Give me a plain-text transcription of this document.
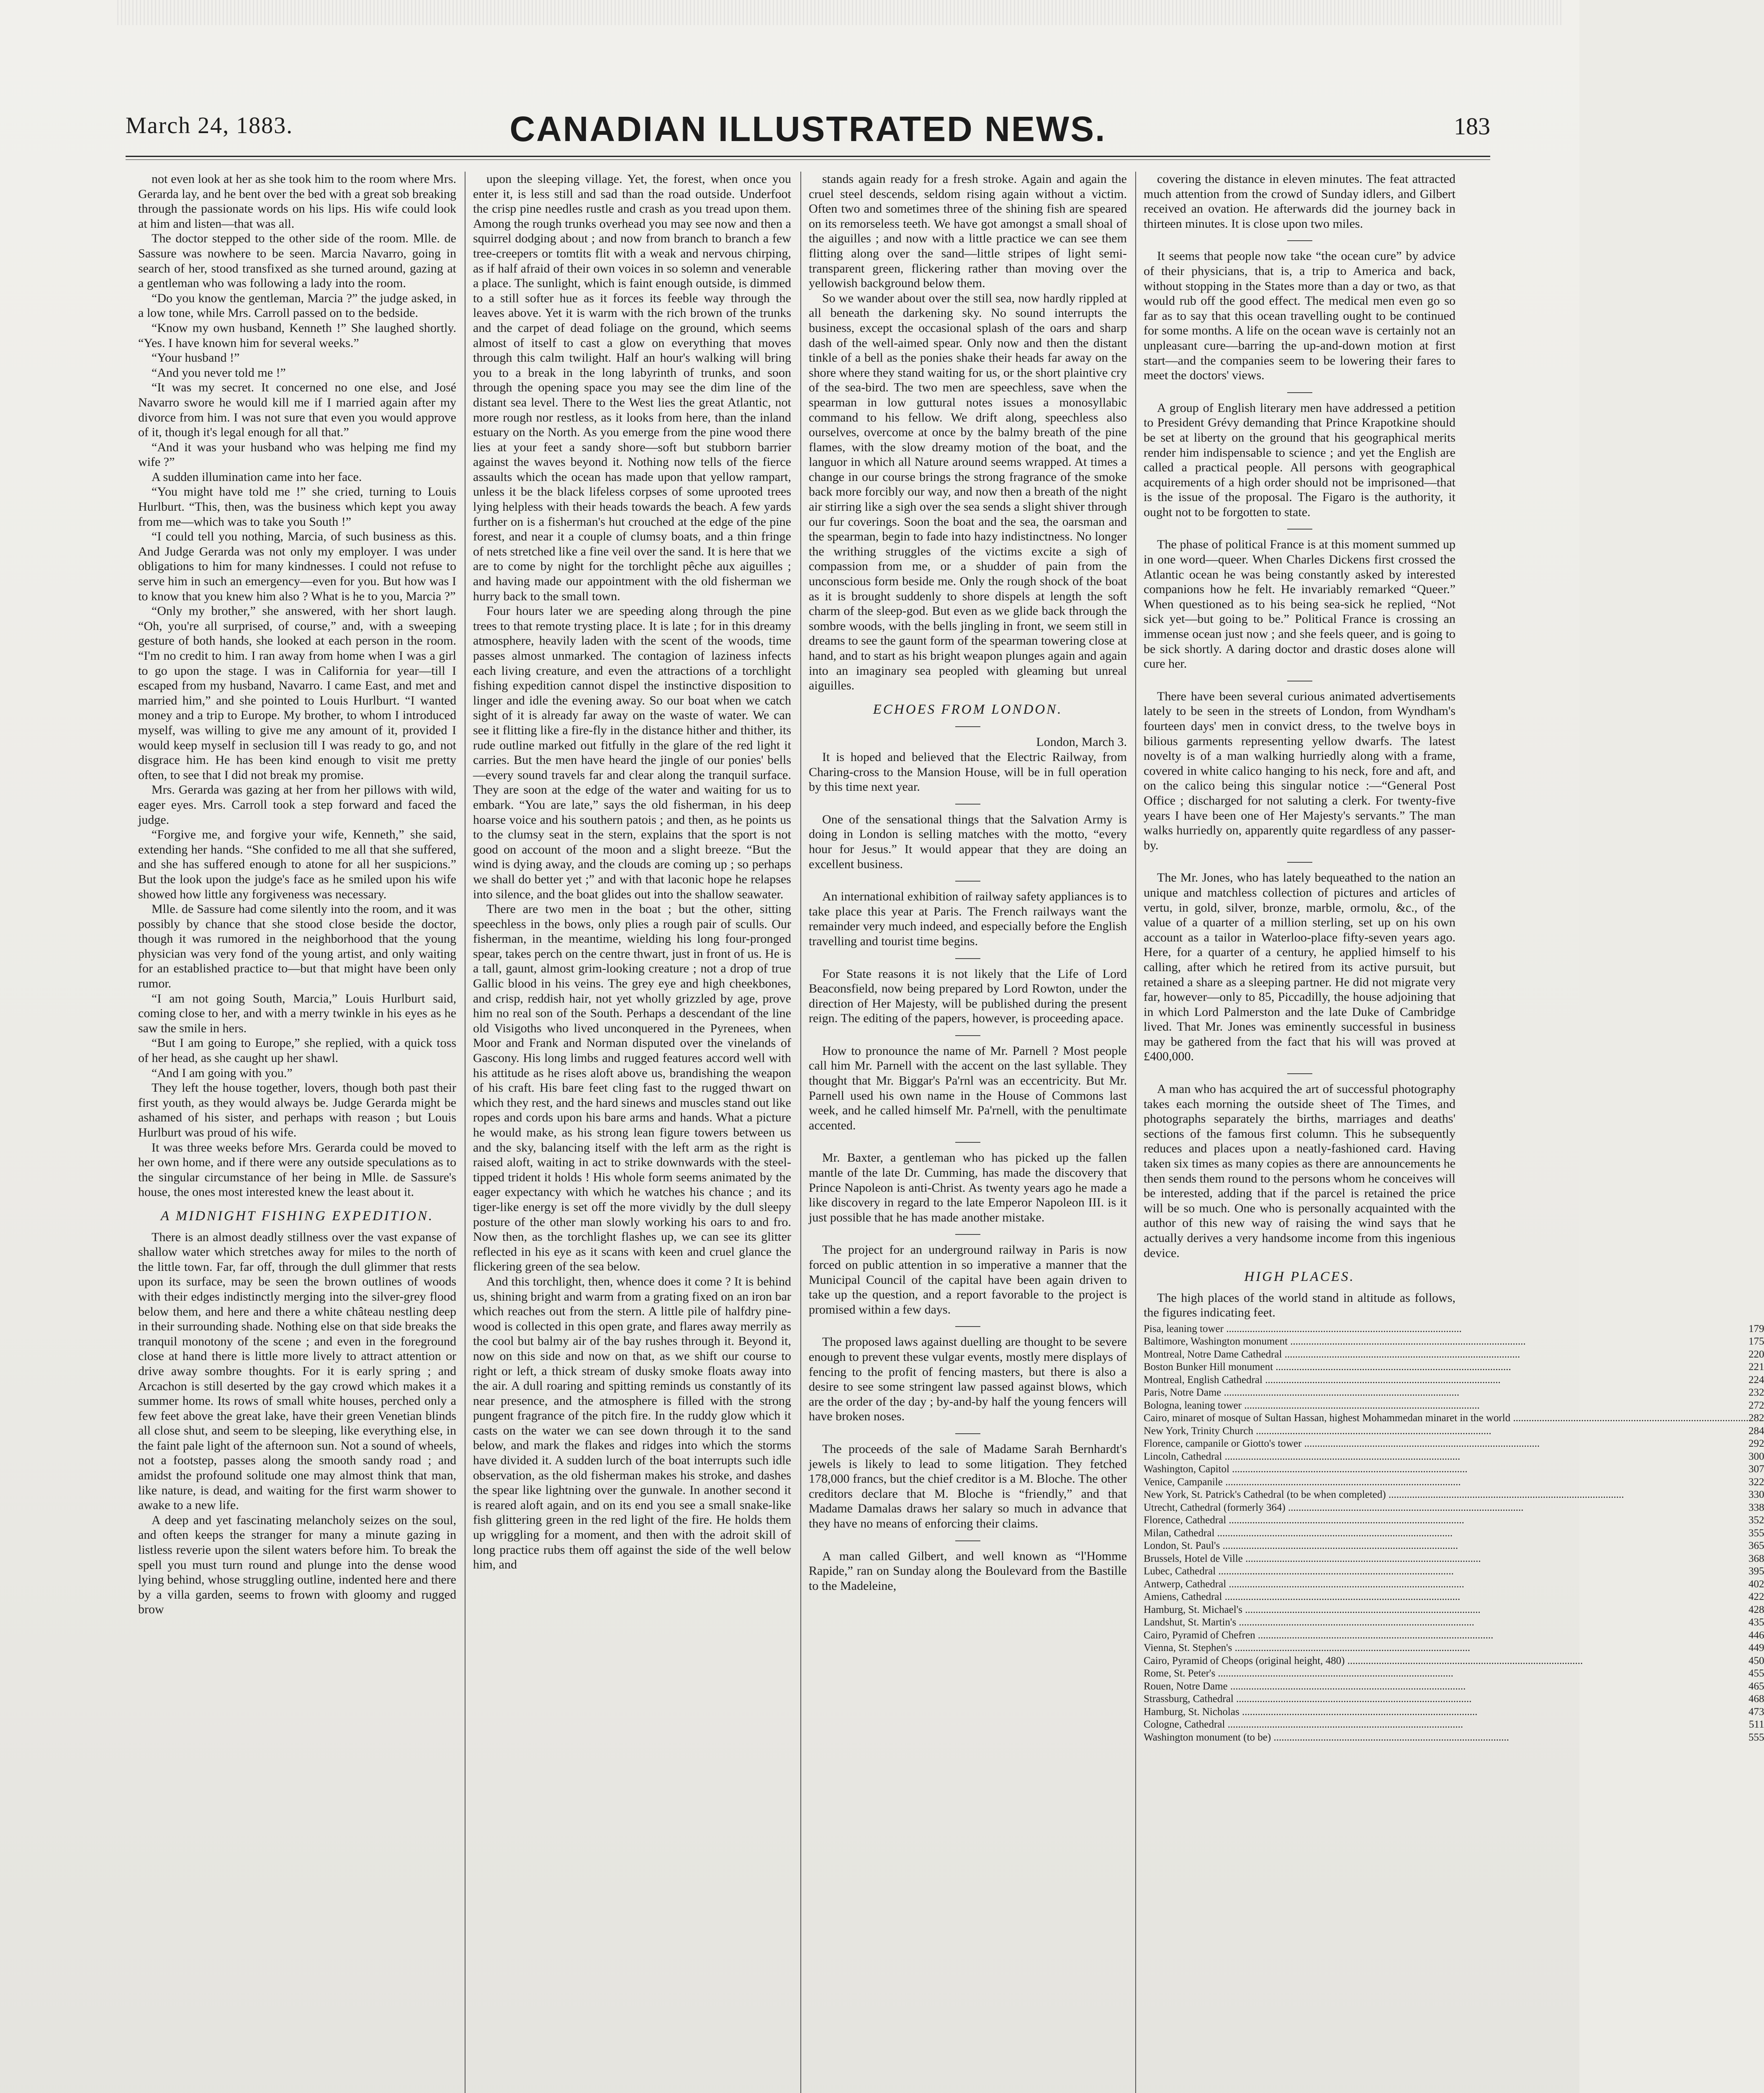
March 24, 1883.	CANADIAN ILLUSTRATED NEWS.	183

not even look at her as she took him to the room where Mrs. Gerarda lay, and he bent over the bed with a great sob breaking through the passionate words on his lips. His wife could look at him and listen—that was all.

The doctor stepped to the other side of the room. Mlle. de Sassure was nowhere to be seen. Marcia Navarro, going in search of her, stood transfixed as she turned around, gazing at a gentleman who was following a lady into the room.

“Do you know the gentleman, Marcia ?” the judge asked, in a low tone, while Mrs. Carroll passed on to the bedside.

“Know my own husband, Kenneth !” She laughed shortly. “Yes. I have known him for several weeks.”

“Your husband !”

“And you never told me !”

“It was my secret. It concerned no one else, and José Navarro swore he would kill me if I married again after my divorce from him. I was not sure that even you would approve of it, though it's legal enough for all that.”

“And it was your husband who was helping me find my wife ?”

A sudden illumination came into her face.

“You might have told me !” she cried, turning to Louis Hurlburt. “This, then, was the business which kept you away from me—which was to take you South !”

“I could tell you nothing, Marcia, of such business as this. And Judge Gerarda was not only my employer. I was under obligations to him for many kindnesses. I could not refuse to serve him in such an emergency—even for you. But how was I to know that you knew him also ? What is he to you, Marcia ?”

“Only my brother,” she answered, with her short laugh. “Oh, you're all surprised, of course,” and, with a sweeping gesture of both hands, she looked at each person in the room. “I'm no credit to him. I ran away from home when I was a girl to go upon the stage. I was in California for year—till I escaped from my husband, Navarro. I came East, and met and married him,” and she pointed to Louis Hurlburt. “I wanted money and a trip to Europe. My brother, to whom I introduced myself, was willing to give me any amount of it, provided I would keep myself in seclusion till I was ready to go, and not disgrace him. He has been kind enough to visit me pretty often, to see that I did not break my promise.

Mrs. Gerarda was gazing at her from her pillows with wild, eager eyes. Mrs. Carroll took a step forward and faced the judge.

“Forgive me, and forgive your wife, Kenneth,” she said, extending her hands. “She confided to me all that she suffered, and she has suffered enough to atone for all her suspicions.” But the look upon the judge's face as he smiled upon his wife showed how little any forgiveness was necessary.

Mlle. de Sassure had come silently into the room, and it was possibly by chance that she stood close beside the doctor, though it was rumored in the neighborhood that the young physician was very fond of the young artist, and only waiting for an established practice to—but that might have been only rumor.

“I am not going South, Marcia,” Louis Hurlburt said, coming close to her, and with a merry twinkle in his eyes as he saw the smile in hers.

“But I am going to Europe,” she replied, with a quick toss of her head, as she caught up her shawl.

“And I am going with you.”

They left the house together, lovers, though both past their first youth, as they would always be. Judge Gerarda might be ashamed of his sister, and perhaps with reason ; but Louis Hurlburt was proud of his wife.

It was three weeks before Mrs. Gerarda could be moved to her own home, and if there were any outside speculations as to the singular circumstance of her being in Mlle. de Sassure's house, the ones most interested knew the least about it.

A MIDNIGHT FISHING EXPEDITION.

There is an almost deadly stillness over the vast expanse of shallow water which stretches away for miles to the north of the little town. Far, far off, through the dull glimmer that rests upon its surface, may be seen the brown outlines of woods with their edges indistinctly merging into the silver-grey flood below them, and here and there a white château nestling deep in their surrounding shade. Nothing else on that side breaks the tranquil monotony of the scene ; and even in the foreground close at hand there is little more lively to attract attention or drive away sombre thoughts. For it is early spring ; and Arcachon is still deserted by the gay crowd which makes it a summer home. Its rows of small white houses, perched only a few feet above the great lake, have their green Venetian blinds all close shut, and seem to be sleeping, like everything else, in the faint pale light of the afternoon sun. Not a sound of wheels, not a footstep, passes along the smooth sandy road ; and amidst the profound solitude one may almost think that man, like nature, is dead, and waiting for the first warm shower to awake to a new life.

A deep and yet fascinating melancholy seizes on the soul, and often keeps the stranger for many a minute gazing in listless reverie upon the silent waters before him. To break the spell you must turn round and plunge into the dense wood lying behind, whose struggling outline, indented here and there by a villa garden, seems to frown with gloomy and rugged brow

upon the sleeping village. Yet, the forest, when once you enter it, is less still and sad than the road outside. Underfoot the crisp pine needles rustle and crash as you tread upon them. Among the rough trunks overhead you may see now and then a squirrel dodging about ; and now from branch to branch a few tree-creepers or tomtits flit with a weak and nervous chirping, as if half afraid of their own voices in so solemn and venerable a place. The sunlight, which is faint enough outside, is dimmed to a still softer hue as it forces its feeble way through the leaves above. Yet it is warm with the rich brown of the trunks and the carpet of dead foliage on the ground, which seems almost of itself to cast a glow on everything that moves through this calm twilight. Half an hour's walking will bring you to a break in the long labyrinth of trunks, and soon through the opening space you may see the dim line of the distant sea level. There to the West lies the great Atlantic, not more rough nor restless, as it looks from here, than the inland estuary on the North. As you emerge from the pine wood there lies at your feet a sandy shore—soft but stubborn barrier against the waves beyond it. Nothing now tells of the fierce assaults which the ocean has made upon that yellow rampart, unless it be the black lifeless corpses of some uprooted trees lying helpless with their heads towards the beach. A few yards further on is a fisherman's hut crouched at the edge of the pine forest, and near it a couple of clumsy boats, and a thin fringe of nets stretched like a fine veil over the sand. It is here that we are to come by night for the torchlight pêche aux aiguilles ; and having made our appointment with the old fisherman we hurry back to the small town.

Four hours later we are speeding along through the pine trees to that remote trysting place. It is late ; for in this dreamy atmosphere, heavily laden with the scent of the woods, time passes almost unmarked. The contagion of laziness infects each living creature, and even the attractions of a torchlight fishing expedition cannot dispel the instinctive disposition to linger and idle the evening away. So our boat when we catch sight of it is already far away on the waste of water. We can see it flitting like a fire-fly in the distance hither and thither, its rude outline marked out fitfully in the glare of the red light it carries. But the men have heard the jingle of our ponies' bells—every sound travels far and clear along the tranquil surface. They are soon at the edge of the water and waiting for us to embark. “You are late,” says the old fisherman, in his deep hoarse voice and his southern patois ; and then, as he points us to the clumsy seat in the stern, explains that the sport is not good on account of the moon and a slight breeze. “But the wind is dying away, and the clouds are coming up ; so perhaps we shall do better yet ;” and with that laconic hope he relapses into silence, and the boat glides out into the shallow seawater.

There are two men in the boat ; but the other, sitting speechless in the bows, only plies a rough pair of sculls. Our fisherman, in the meantime, wielding his long four-pronged spear, takes perch on the centre thwart, just in front of us. He is a tall, gaunt, almost grim-looking creature ; not a drop of true Gallic blood in his veins. The grey eye and high cheekbones, and crisp, reddish hair, not yet wholly grizzled by age, prove him no real son of the South. Perhaps a descendant of the line old Visigoths who lived unconquered in the Pyrenees, when Moor and Frank and Norman disputed over the vinelands of Gascony. His long limbs and rugged features accord well with his attitude as he rises aloft above us, brandishing the weapon of his craft. His bare feet cling fast to the rugged thwart on which they rest, and the hard sinews and muscles stand out like ropes and cords upon his bare arms and hands. What a picture he would make, as his strong lean figure towers between us and the sky, balancing itself with the left arm as the right is raised aloft, waiting in act to strike downwards with the steel-tipped trident it holds ! His whole form seems animated by the eager expectancy with which he watches his chance ; and its tiger-like energy is set off the more vividly by the dull sleepy posture of the other man slowly working his oars to and fro. Now then, as the torchlight flashes up, we can see its glitter reflected in his eye as it scans with keen and cruel glance the flickering green of the sea below.

And this torchlight, then, whence does it come ? It is behind us, shining bright and warm from a grating fixed on an iron bar which reaches out from the stern. A little pile of halfdry pine-wood is collected in this open grate, and flares away merrily as the cool but balmy air of the bay rushes through it. Beyond it, now on this side and now on that, as we shift our course to right or left, a thick stream of dusky smoke floats away into the air. A dull roaring and spitting reminds us constantly of its near presence, and the atmosphere is filled with the strong pungent fragrance of the pitch fire. In the ruddy glow which it casts on the water we can see down through it to the sand below, and mark the flakes and ridges into which the storms have divided it. A sudden lurch of the boat interrupts such idle observation, as the old fisherman makes his stroke, and dashes the spear like lightning over the gunwale. In another second it is reared aloft again, and on its end you see a small snake-like fish glittering green in the red light of the fire. He holds them up wriggling for a moment, and then with the adroit skill of long practice rubs them off against the side of the well below him, and

stands again ready for a fresh stroke. Again and again the cruel steel descends, seldom rising again without a victim. Often two and sometimes three of the shining fish are speared on its remorseless teeth. We have got amongst a small shoal of the aiguilles ; and now with a little practice we can see them flitting along over the sand—little stripes of light semi-transparent green, flickering rather than moving over the yellowish background below them.

So we wander about over the still sea, now hardly rippled at all beneath the darkening sky. No sound interrupts the business, except the occasional splash of the oars and sharp dash of the well-aimed spear. Only now and then the distant tinkle of a bell as the ponies shake their heads far away on the shore where they stand waiting for us, or the short plaintive cry of the sea-bird. The two men are speechless, save when the spearman in low guttural notes issues a monosyllabic command to his fellow. We drift along, speechless also ourselves, overcome at once by the balmy breath of the pine flames, with the slow dreamy motion of the boat, and the languor in which all Nature around seems wrapped. At times a change in our course brings the strong fragrance of the smoke back more forcibly our way, and now then a breath of the night air stirring like a sigh over the sea sends a slight shiver through our fur coverings. Soon the boat and the sea, the oarsman and the spearman, begin to fade into hazy indistinctness. No longer the writhing struggles of the victims excite a sigh of compassion from me, or a shudder of pain from the unconscious form beside me. Only the rough shock of the boat as it is brought suddenly to shore dispels at length the soft charm of the sleep-god. But even as we glide back through the sombre woods, with the bells jingling in front, we seem still in dreams to see the gaunt form of the spearman towering close at hand, and to start as his bright weapon plunges again and again into an imaginary sea peopled with gleaming but unreal aiguilles.

ECHOES FROM LONDON.

London, March 3.

It is hoped and believed that the Electric Railway, from Charing-cross to the Mansion House, will be in full operation by this time next year.

One of the sensational things that the Salvation Army is doing in London is selling matches with the motto, “every hour for Jesus.” It would appear that they are doing an excellent business.

An international exhibition of railway safety appliances is to take place this year at Paris. The French railways want the remainder very much indeed, and especially before the English travelling and tourist time begins.

For State reasons it is not likely that the Life of Lord Beaconsfield, now being prepared by Lord Rowton, under the direction of Her Majesty, will be published during the present reign. The editing of the papers, however, is proceeding apace.

How to pronounce the name of Mr. Parnell ? Most people call him Mr. Parnell with the accent on the last syllable. They thought that Mr. Biggar's Pa'rnl was an eccentricity. But Mr. Parnell used his own name in the House of Commons last week, and he called himself Mr. Pa'rnell, with the penultimate accented.

Mr. Baxter, a gentleman who has picked up the fallen mantle of the late Dr. Cumming, has made the discovery that Prince Napoleon is anti-Christ. As twenty years ago he made a like discovery in regard to the late Emperor Napoleon III. is it just possible that he has made another mistake.

The project for an underground railway in Paris is now forced on public attention in so imperative a manner that the Municipal Council of the capital have been again driven to take up the question, and a report favorable to the project is promised within a few days.

The proposed laws against duelling are thought to be severe enough to prevent these vulgar events, mostly mere displays of fencing to the profit of fencing masters, but there is also a desire to see some stringent law passed against blows, which are the order of the day ; by-and-by half the young fencers will have broken noses.

The proceeds of the sale of Madame Sarah Bernhardt's jewels is likely to lead to some litigation. They fetched 178,000 francs, but the chief creditor is a M. Bloche. The other creditors declare that M. Bloche is “friendly,” and that Madame Damalas draws her salary so much in advance that they have no means of enforcing their claims.

A man called Gilbert, and well known as “l'Homme Rapide,” ran on Sunday along the Boulevard from the Bastille to the Madeleine,

covering the distance in eleven minutes. The feat attracted much attention from the crowd of Sunday idlers, and Gilbert received an ovation. He afterwards did the journey back in thirteen minutes. It is close upon two miles.

It seems that people now take “the ocean cure” by advice of their physicians, that is, a trip to America and back, without stopping in the States more than a day or two, as that would rub off the good effect. The medical men even go so far as to say that this ocean travelling ought to be continued for some months. A life on the ocean wave is certainly not an unpleasant cure—barring the up-and-down motion at first start—and the companies seem to be lowering their fares to meet the doctors' views.

A group of English literary men have addressed a petition to President Grévy demanding that Prince Krapotkine should be set at liberty on the ground that his geographical merits render him indispensable to science ; and yet the English are called a practical people. All persons with geographical acquirements of a high order should not be imprisoned—that is the issue of the proposal. The Figaro is the authority, it ought not to be forgotten to state.

The phase of political France is at this moment summed up in one word—queer. When Charles Dickens first crossed the Atlantic ocean he was being constantly asked by interested companions how he felt. He invariably remarked “Queer.” When questioned as to his being sea-sick he replied, “Not sick yet—but going to be.” Political France is crossing an immense ocean just now ; and she feels queer, and is going to be sick shortly. A daring doctor and drastic doses alone will cure her.

There have been several curious animated advertisements lately to be seen in the streets of London, from Wyndham's fourteen days' men in convict dress, to the twelve boys in bilious garments representing yellow dwarfs. The latest novelty is of a man walking hurriedly along with a frame, covered in white calico hanging to his neck, fore and aft, and on the calico being this singular notice :—“General Post Office ; discharged for not saluting a clerk. For twenty-five years I have been one of Her Majesty's servants.” The man walks hurriedly on, apparently quite regardless of any passer-by.

The Mr. Jones, who has lately bequeathed to the nation an unique and matchless collection of pictures and articles of vertu, in gold, silver, bronze, marble, ormolu, &c., of the value of a quarter of a million sterling, set up on his own account as a tailor in Waterloo-place fifty-seven years ago. Here, for a quarter of a century, he applied himself to his calling, after which he retired from its active pursuit, but retained a share as a sleeping partner. He did not migrate very far, however—only to 85, Piccadilly, the house adjoining that in which Lord Palmerston and the late Duke of Cambridge lived. That Mr. Jones was eminently successful in business may be gathered from the fact that his will was proved at £400,000.

A man who has acquired the art of successful photography takes each morning the outside sheet of The Times, and photographs separately the births, marriages and deaths' sections of the famous first column. This he subsequently reduces and places upon a neatly-fashioned card. Having taken six times as many copies as there are announcements he then sends them round to the persons whom he conceives will be interested, adding that if the parcel is retained the price will be so much. One who is personally acquainted with the author of this new way of raising the wind says that he actually derives a very handsome income from this ingenious device.

HIGH PLACES.

The high places of the world stand in altitude as follows, the figures indicating feet.

Pisa, leaning tower .....	179
Baltimore, Washington monument .....	175
Montreal, Notre Dame Cathedral .....	220
Boston Bunker Hill monument .....	221
Montreal, English Cathedral .....	224
Paris, Notre Dame .....	232
Bologna, leaning tower .....	272
Cairo, minaret of mosque of Sultan Hassan, highest Mohammedan minaret in the world .....	282
New York, Trinity Church .....	284
Florence, campanile or Giotto's tower .....	292
Lincoln, Cathedral .....	300
Washington, Capitol .....	307
Venice, Campanile .....	322
New York, St. Patrick's Cathedral (to be when completed) .....	330
Utrecht, Cathedral (formerly 364) .....	338
Florence, Cathedral .....	352
Milan, Cathedral .....	355
London, St. Paul's .....	365
Brussels, Hotel de Ville .....	368
Lubec, Cathedral .....	395
Antwerp, Cathedral .....	402
Amiens, Cathedral .....	422
Hamburg, St. Michael's .....	428
Landshut, St. Martin's .....	435
Cairo, Pyramid of Chefren .....	446
Vienna, St. Stephen's .....	449
Cairo, Pyramid of Cheops (original height, 480) .....	450
Rome, St. Peter's .....	455
Rouen, Notre Dame .....	465
Strassburg, Cathedral .....	468
Hamburg, St. Nicholas .....	473
Cologne, Cathedral .....	511
Washington monument (to be) .....	555
